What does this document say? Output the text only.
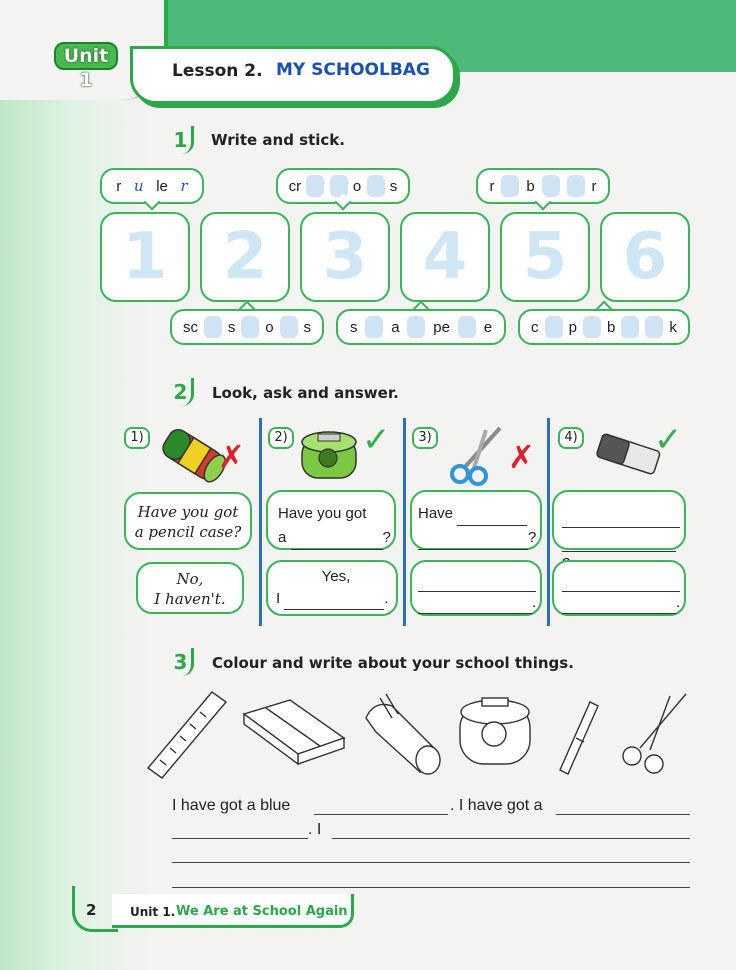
Unit 1	Lesson 2. MY SCHOOLBAG
1	Write and stick.
r u le r	cr	o s	r b	r
1 2 3 4 5 6
sc s o s	s a pe e	c p b	k
2	Look, ask and answer.
1)
✗
Have you got
a pencil case?
No,
I haven't.
2) ✓
Have you got
a	?
Yes,
I	.
3)
✗
Have
?
.
4) ✓
.
3	Colour and write about your school things.
I have got a blue	. I have got a
. I
2	Unit 1. We Are at School Again
